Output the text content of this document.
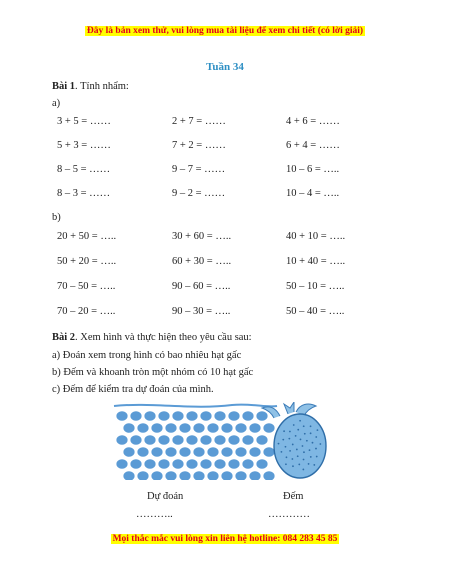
Đây là bản xem thử, vui lòng mua tài liệu để xem chi tiết (có lời giải)
Tuần 34
Bài 1. Tính nhẩm:
a)
3 + 5 = ……	2 + 7 = ……	4 + 6 = ……
5 + 3 = ……	7 + 2 = ……	6 + 4 = ……
8 – 5 = ……	9 – 7 = ……	10 – 6 = …..
8 – 3 = ……	9 – 2 = ……	10 – 4 = …..
b)
20 + 50 = …..	30 + 60 = …..	40 + 10 = …..
50 + 20 = …..	60 + 30 = …..	10 + 40 = …..
70 – 50 = …..	90 – 60 = …..	50 – 10 = …..
70 – 20 = …..	90 – 30 = …..	50 – 40 = …..
Bài 2. Xem hình và thực hiện theo yêu cầu sau:
a) Đoán xem trong hình có bao nhiêu hạt gấc
b) Đếm và khoanh tròn một nhóm có 10 hạt gấc
c) Đếm để kiểm tra dự đoán của mình.
Dự đoán	Đếm
………..	…………
Mọi thắc mắc vui lòng xin liên hệ hotline: 084 283 45 85
